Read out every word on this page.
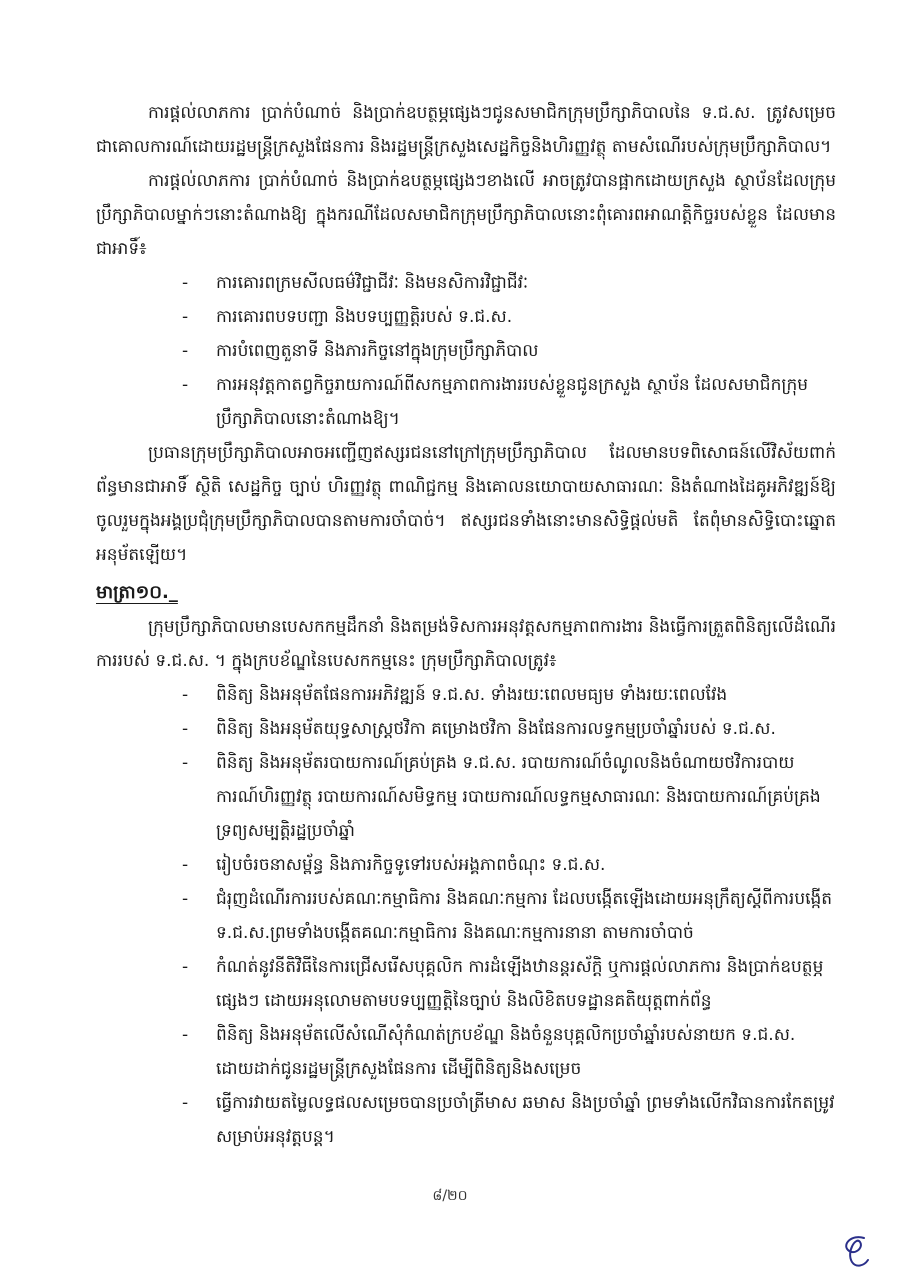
ការផ្ដល់លាភការ ប្រាក់បំណាច់ និងប្រាក់ឧបត្ថម្ភផ្សេងៗជូនសមាជិកក្រុមប្រឹក្សាភិបាលនៃ ទ.ជ.ស. ត្រូវសម្រេចជាគោលការណ៍ដោយរដ្ឋមន្ត្រីក្រសួងផែនការ និងរដ្ឋមន្ត្រីក្រសួងសេដ្ឋកិច្ចនិងហិរញ្ញវត្ថុ តាមសំណើរបស់ក្រុមប្រឹក្សាភិបាល។

ការផ្ដល់លាភការ ប្រាក់បំណាច់ និងប្រាក់ឧបត្ថម្ភផ្សេងៗខាងលើ អាចត្រូវបានផ្អាកដោយក្រសួង ស្ថាប័នដែលក្រុមប្រឹក្សាភិបាលម្នាក់ៗនោះតំណាងឱ្យ ក្នុងករណីដែលសមាជិកក្រុមប្រឹក្សាភិបាលនោះពុំគោរពអាណត្តិកិច្ចរបស់ខ្លួន ដែលមានជាអាទិ៍៖

- ការគោរពក្រមសីលធម៌វិជ្ជាជីវៈ និងមនសិការវិជ្ជាជីវៈ
- ការគោរពបទបញ្ជា និងបទប្បញ្ញត្តិរបស់ ទ.ជ.ស.
- ការបំពេញតួនាទី និងភារកិច្ចនៅក្នុងក្រុមប្រឹក្សាភិបាល
- ការអនុវត្តកាតព្វកិច្ចរាយការណ៍ពីសកម្មភាពការងាររបស់ខ្លួនជូនក្រសួង ស្ថាប័ន ដែលសមាជិកក្រុមប្រឹក្សាភិបាលនោះតំណាងឱ្យ។

ប្រធានក្រុមប្រឹក្សាភិបាលអាចអញ្ជើញឥស្សរជននៅក្រៅក្រុមប្រឹក្សាភិបាល ដែលមានបទពិសោធន៍លើវិស័យពាក់ព័ន្ធមានជាអាទិ៍ ស្ថិតិ សេដ្ឋកិច្ច ច្បាប់ ហិរញ្ញវត្ថុ ពាណិជ្ជកម្ម និងគោលនយោបាយសាធារណៈ និងតំណាងដៃគូអភិវឌ្ឍន៍ឱ្យចូលរួមក្នុងអង្គប្រជុំក្រុមប្រឹក្សាភិបាលបានតាមការចាំបាច់។ ឥស្សរជនទាំងនោះមានសិទ្ធិផ្ដល់មតិ តែពុំមានសិទ្ធិបោះឆ្នោតអនុម័តឡើយ។

មាត្រា១០._

ក្រុមប្រឹក្សាភិបាលមានបេសកកម្មដឹកនាំ និងតម្រង់ទិសការអនុវត្តសកម្មភាពការងារ និងធ្វើការត្រួតពិនិត្យលើដំណើរការរបស់ ទ.ជ.ស. ។ ក្នុងក្របខ័ណ្ឌនៃបេសកកម្មនេះ ក្រុមប្រឹក្សាភិបាលត្រូវ៖

- ពិនិត្យ និងអនុម័តផែនការអភិវឌ្ឍន៍ ទ.ជ.ស. ទាំងរយៈពេលមធ្យម ទាំងរយៈពេលវែង
- ពិនិត្យ និងអនុម័តយុទ្ធសាស្ត្រថវិកា គម្រោងថវិកា និងផែនការលទ្ធកម្មប្រចាំឆ្នាំរបស់ ទ.ជ.ស.
- ពិនិត្យ និងអនុម័តរបាយការណ៍គ្រប់គ្រង ទ.ជ.ស. របាយការណ៍ចំណូលនិងចំណាយថវិការបាយការណ៍ហិរញ្ញវត្ថុ របាយការណ៍សមិទ្ធកម្ម របាយការណ៍លទ្ធកម្មសាធារណៈ និងរបាយការណ៍គ្រប់គ្រងទ្រព្យសម្បត្តិរដ្ឋប្រចាំឆ្នាំ
- រៀបចំរចនាសម្ព័ន្ធ និងភារកិច្ចទូទៅរបស់អង្គភាពចំណុះ ទ.ជ.ស.
- ជំរុញដំណើរការរបស់គណៈកម្មាធិការ និងគណៈកម្មការ ដែលបង្កើតឡើងដោយអនុក្រឹត្យស្ដីពីការបង្កើត ទ.ជ.ស.ព្រមទាំងបង្កើតគណៈកម្មាធិការ និងគណៈកម្មការនានា តាមការចាំបាច់
- កំណត់នូវនីតិវិធីនៃការជ្រើសរើសបុគ្គលិក ការដំឡើងឋានន្តរស័ក្តិ ឬការផ្ដល់លាភការ និងប្រាក់ឧបត្ថម្ភផ្សេងៗ ដោយអនុលោមតាមបទប្បញ្ញត្តិនៃច្បាប់ និងលិខិតបទដ្ឋានគតិយុត្តពាក់ព័ន្ធ
- ពិនិត្យ និងអនុម័តលើសំណើសុំកំណត់ក្របខ័ណ្ឌ និងចំនួនបុគ្គលិកប្រចាំឆ្នាំរបស់នាយក ទ.ជ.ស. ដោយដាក់ជូនរដ្ឋមន្ត្រីក្រសួងផែនការ ដើម្បីពិនិត្យនិងសម្រេច
- ធ្វើការវាយតម្លៃលទ្ធផលសម្រេចបានប្រចាំត្រីមាស ឆមាស និងប្រចាំឆ្នាំ ព្រមទាំងលើកវិធានការកែតម្រូវសម្រាប់អនុវត្តបន្ត។
៨/២០
